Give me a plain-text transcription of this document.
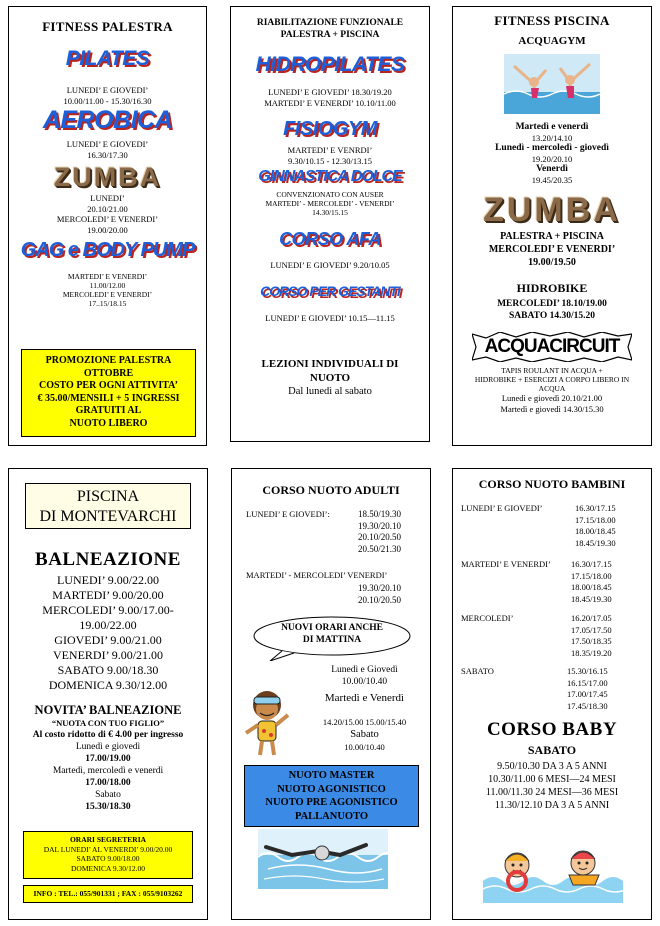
FITNESS PALESTRA
PILATES
LUNEDI’ E GIOVEDI’
10.00/11.00 - 15.30/16.30
AEROBICA
LUNEDI’ E GIOVEDI’
16.30/17.30
ZUMBA
LUNEDI’
20.10/21.00
MERCOLEDI’ E VENERDI’
19.00/20.00
GAG e BODY PUMP
MARTEDI’ E VENERDI’
11.00/12.00
MERCOLEDI’ E VENERDI’
17..15/18.15
PROMOZIONE PALESTRA
OTTOBRE
COSTO PER OGNI ATTIVITA’
€ 35.00/MENSILI + 5 INGRESSI
GRATUITI AL
NUOTO LIBERO
RIABILITAZIONE FUNZIONALE
PALESTRA + PISCINA
HIDROPILATES
LUNEDI’ E GIOVEDI’ 18.30/19.20
MARTEDI’ E VENERDI’ 10.10/11.00
FISIOGYM
MARTEDI’ E VENRDI’
9.30/10.15 - 12.30/13.15
GINNASTICA DOLCE
CONVENZIONATO CON AUSER
MARTEDI’ - MERCOLEDI’ - VENERDI’
14.30/15.15
CORSO AFA
LUNEDI’ E GIOVEDI’ 9.20/10.05
CORSO PER GESTANTI
LUNEDI’ E GIOVEDI’ 10.15—11.15
LEZIONI INDIVIDUALI DI
NUOTO
Dal lunedì al sabato
FITNESS PISCINA
ACQUAGYM
Martedì e venerdì
13.20/14.10
Lunedì - mercoledì - giovedì
19.20/20.10
Venerdì
19.45/20.35
ZUMBA
PALESTRA + PISCINA
MERCOLEDI’ E VENERDI’
19.00/19.50
HIDROBIKE
MERCOLEDI’ 18.10/19.00
SABATO 14.30/15.20
ACQUACIRCUIT
TAPIS ROULANT IN ACQUA +
HIDROBIKE + ESERCIZI A CORPO LIBERO IN
ACQUA
Lunedì e giovedì 20.10/21.00
Martedì e giovedì 14.30/15.30
PISCINA
DI MONTEVARCHI
BALNEAZIONE
LUNEDI’ 9.00/22.00
MARTEDI’ 9.00/20.00
MERCOLEDI’ 9.00/17.00-
19.00/22.00
GIOVEDI’ 9.00/21.00
VENERDI’ 9.00/21.00
SABATO 9.00/18.30
DOMENICA 9.30/12.00
NOVITA’ BALNEAZIONE
“NUOTA CON TUO FIGLIO”
Al costo ridotto di € 4.00 per ingresso
Lunedì e giovedì
17.00/19.00
Martedì, mercoledì e venerdì
17.00/18.00
Sabato
15.30/18.30
ORARI SEGRETERIA
DAL LUNEDI’ AL VENERDI’ 9.00/20.00
SABATO 9.00/18.00
DOMENICA 9.30/12.00
INFO : TEL.: 055/901331 ; FAX : 055/9103262
CORSO NUOTO ADULTI
LUNEDI’ E GIOVEDI’:	18.50/19.30
19.30/20.10
20.10/20.50
20.50/21.30
MARTEDI’ - MERCOLEDI’ VENERDI’
19.30/20.10
20.10/20.50
NUOVI ORARI ANCHE
DI MATTINA
Lunedì e Giovedì
10.00/10.40
Martedì e Venerdì
14.20/15.00 15.00/15.40
Sabato
10.00/10.40
NUOTO MASTER
NUOTO AGONISTICO
NUOTO PRE AGONISTICO
PALLANUOTO
CORSO NUOTO BAMBINI
LUNEDI’ E GIOVEDI’	16.30/17.15
17.15/18.00
18.00/18.45
18.45/19.30
MARTEDI’ E VENERDI’ 16.30/17.15
17.15/18.00
18.00/18.45
18.45/19.30
MERCOLEDI’	16.20/17.05
17.05/17.50
17.50/18.35
18.35/19.20
SABATO	15.30/16.15
16.15/17.00
17.00/17.45
17.45/18.30
CORSO BABY
SABATO
9.50/10.30 DA 3 A 5 ANNI
10.30/11.00 6 MESI—24 MESI
11.00/11.30 24 MESI—36 MESI
11.30/12.10 DA 3 A 5 ANNI
